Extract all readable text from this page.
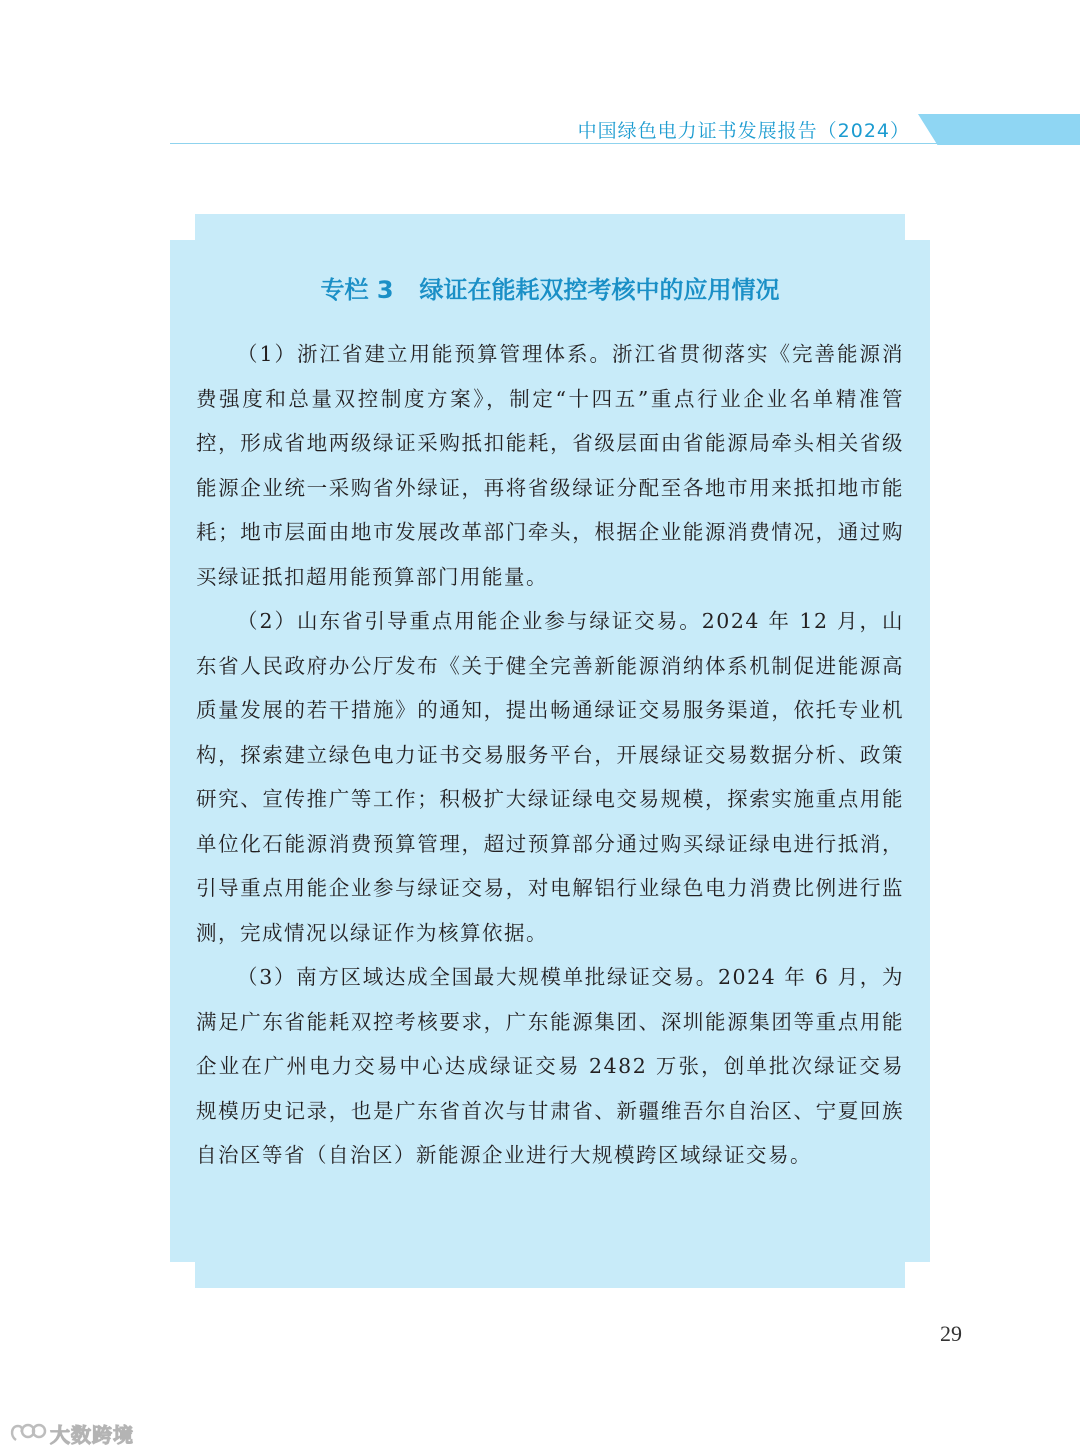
中国绿色电力证书发展报告（2024）
专栏 3 绿证在能耗双控考核中的应用情况

（1）浙江省建立用能预算管理体系。浙江省贯彻落实《完善能源消费强度和总量双控制度方案》，制定“十四五”重点行业企业名单精准管控，形成省地两级绿证采购抵扣能耗，省级层面由省能源局牵头相关省级能源企业统一采购省外绿证，再将省级绿证分配至各地市用来抵扣地市能耗；地市层面由地市发展改革部门牵头，根据企业能源消费情况，通过购买绿证抵扣超用能预算部门用能量。

（2）山东省引导重点用能企业参与绿证交易。2024 年 12 月，山东省人民政府办公厅发布《关于健全完善新能源消纳体系机制促进能源高质量发展的若干措施》的通知，提出畅通绿证交易服务渠道，依托专业机构，探索建立绿色电力证书交易服务平台，开展绿证交易数据分析、政策研究、宣传推广等工作；积极扩大绿证绿电交易规模，探索实施重点用能单位化石能源消费预算管理，超过预算部分通过购买绿证绿电进行抵消，引导重点用能企业参与绿证交易，对电解铝行业绿色电力消费比例进行监测，完成情况以绿证作为核算依据。

（3）南方区域达成全国最大规模单批绿证交易。2024 年 6 月，为满足广东省能耗双控考核要求，广东能源集团、深圳能源集团等重点用能企业在广州电力交易中心达成绿证交易 2482 万张，创单批次绿证交易规模历史记录，也是广东省首次与甘肃省、新疆维吾尔自治区、宁夏回族自治区等省（自治区）新能源企业进行大规模跨区域绿证交易。

29
大数跨境
